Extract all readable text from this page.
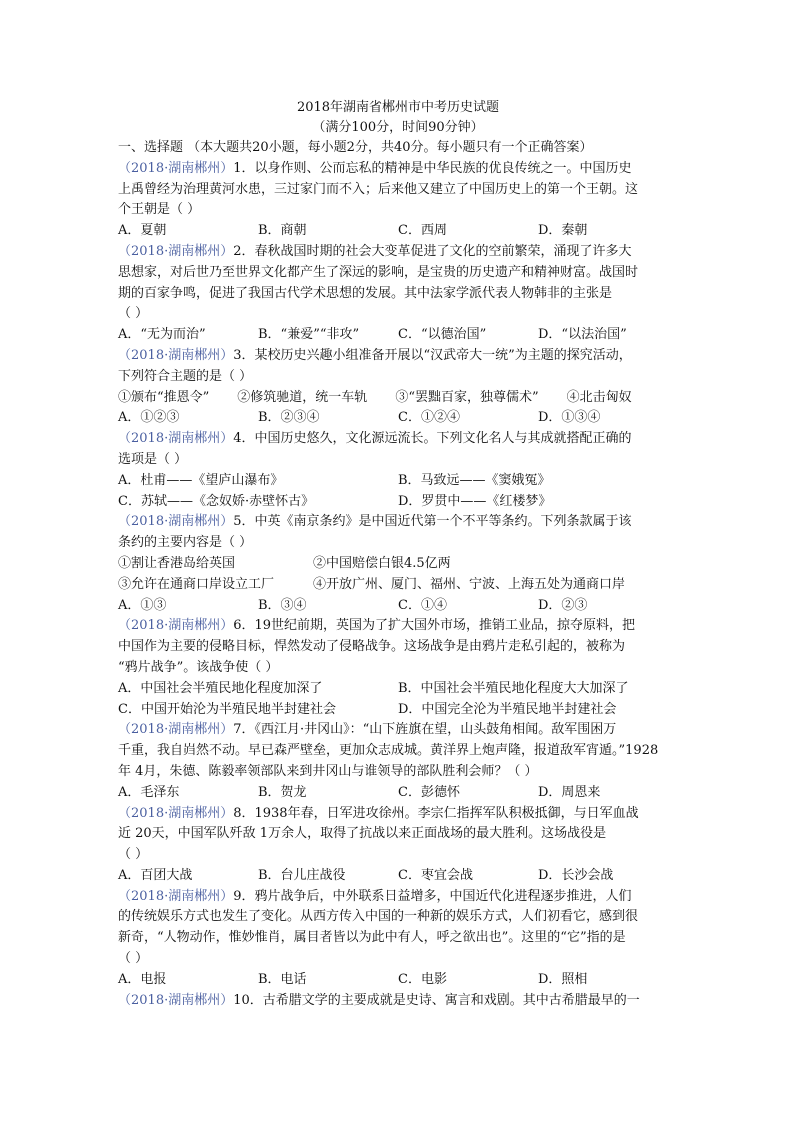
2018年湖南省郴州市中考历史试题
（满分100分，时间90分钟）
一、选择题 （本大题共20小题，每小题2分，共40分。每小题只有一个正确答案）
（2018·湖南郴州）1．以身作则、公而忘私的精神是中华民族的优良传统之一。中国历史
上禹曾经为治理黄河水患，三过家门而不入；后来他又建立了中国历史上的第一个王朝。这
个王朝是（ ）
A．夏朝	B．商朝	C．西周	D．秦朝
（2018·湖南郴州）2．春秋战国时期的社会大变革促进了文化的空前繁荣，涌现了许多大
思想家，对后世乃至世界文化都产生了深远的影响，是宝贵的历史遗产和精神财富。战国时
期的百家争鸣，促进了我国古代学术思想的发展。其中法家学派代表人物韩非的主张是
（ ）
A．“无为而治”	B．“兼爱”“非攻”	C．“以德治国”	D．“以法治国”
（2018·湖南郴州）3．某校历史兴趣小组准备开展以“汉武帝大一统”为主题的探究活动，
下列符合主题的是（ ）
①颁布“推恩令” ②修筑驰道，统一车轨 ③“罢黜百家，独尊儒术” ④北击匈奴
A．①②③	B．②③④	C．①②④	D．①③④
（2018·湖南郴州）4．中国历史悠久，文化源远流长。下列文化名人与其成就搭配正确的
选项是（ ）
A．杜甫——《望庐山瀑布》	B．马致远——《窦娥冤》
C．苏轼——《念奴娇·赤壁怀古》	D．罗贯中——《红楼梦》
（2018·湖南郴州）5．中英《南京条约》是中国近代第一个不平等条约。下列条款属于该
条约的主要内容是（ ）
①割让香港岛给英国	②中国赔偿白银4.5亿两
③允许在通商口岸设立工厂	④开放广州、厦门、福州、宁波、上海五处为通商口岸
A．①③	B．③④	C．①④	D．②③
（2018·湖南郴州）6．19世纪前期，英国为了扩大国外市场，推销工业品，掠夺原料，把
中国作为主要的侵略目标，悍然发动了侵略战争。这场战争是由鸦片走私引起的，被称为
“鸦片战争”。该战争使（ ）
A．中国社会半殖民地化程度加深了	B．中国社会半殖民地化程度大大加深了
C．中国开始沦为半殖民地半封建社会	D．中国完全沦为半殖民地半封建社会
（2018·湖南郴州）7．《西江月·井冈山》：“山下旌旗在望，山头鼓角相闻。敌军围困万
千重，我自岿然不动。早已森严壁垒，更加众志成城。黄洋界上炮声隆，报道敌军宵遁。”1928
年 4月，朱德、陈毅率领部队来到井冈山与谁领导的部队胜利会师？（ ）
A．毛泽东	B．贺龙	C．彭德怀	D．周恩来
（2018·湖南郴州）8．1938年春，日军进攻徐州。李宗仁指挥军队积极抵御，与日军血战
近 20天，中国军队歼敌 1万余人，取得了抗战以来正面战场的最大胜利。这场战役是
（ ）
A．百团大战	B．台儿庄战役	C．枣宜会战	D．长沙会战
（2018·湖南郴州）9．鸦片战争后，中外联系日益增多，中国近代化进程逐步推进，人们
的传统娱乐方式也发生了变化。从西方传入中国的一种新的娱乐方式，人们初看它，感到很
新奇，“人物动作，惟妙惟肖，属目者皆以为此中有人，呼之欲出也”。这里的“它”指的是
（ ）
A．电报	B．电话	C．电影	D．照相
（2018·湖南郴州）10．古希腊文学的主要成就是史诗、寓言和戏剧。其中古希腊最早的一
